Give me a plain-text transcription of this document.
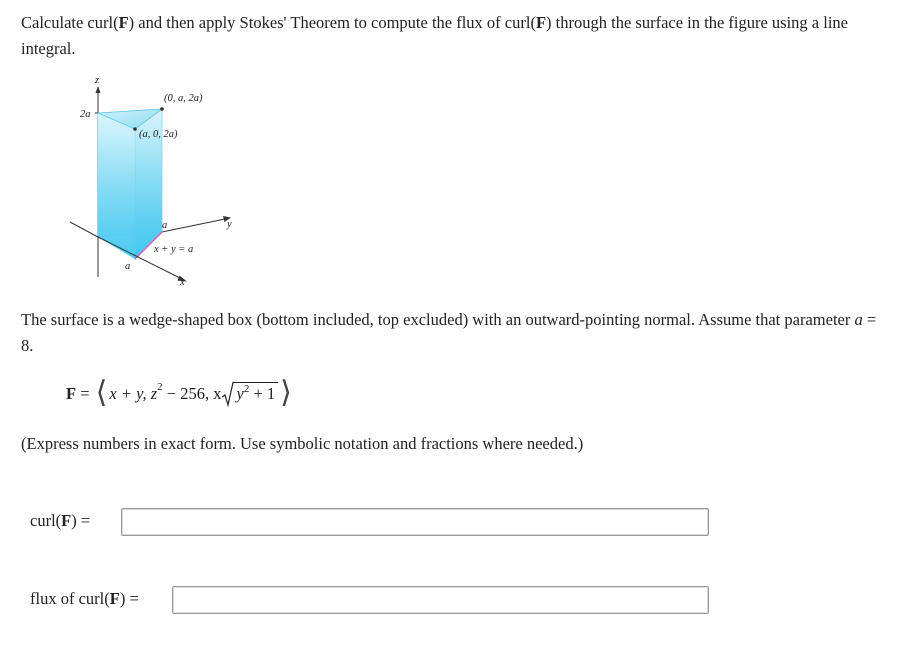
Calculate curl(F) and then apply Stokes' Theorem to compute the flux of curl(F) through the surface in the figure using a line integral.

z
2a
(0, a, 2a)
(a, 0, 2a)
a	y
x + y = a
a
x

The surface is a wedge-shaped box (bottom included, top excluded) with an outward-pointing normal. Assume that parameter a = 8.

F = ⟨ x + y, z 2 − 256, x $y^2 + 1$ ⟩

(Express numbers in exact form. Use symbolic notation and fractions where needed.)

curl(F) =
flux of curl(F) =
